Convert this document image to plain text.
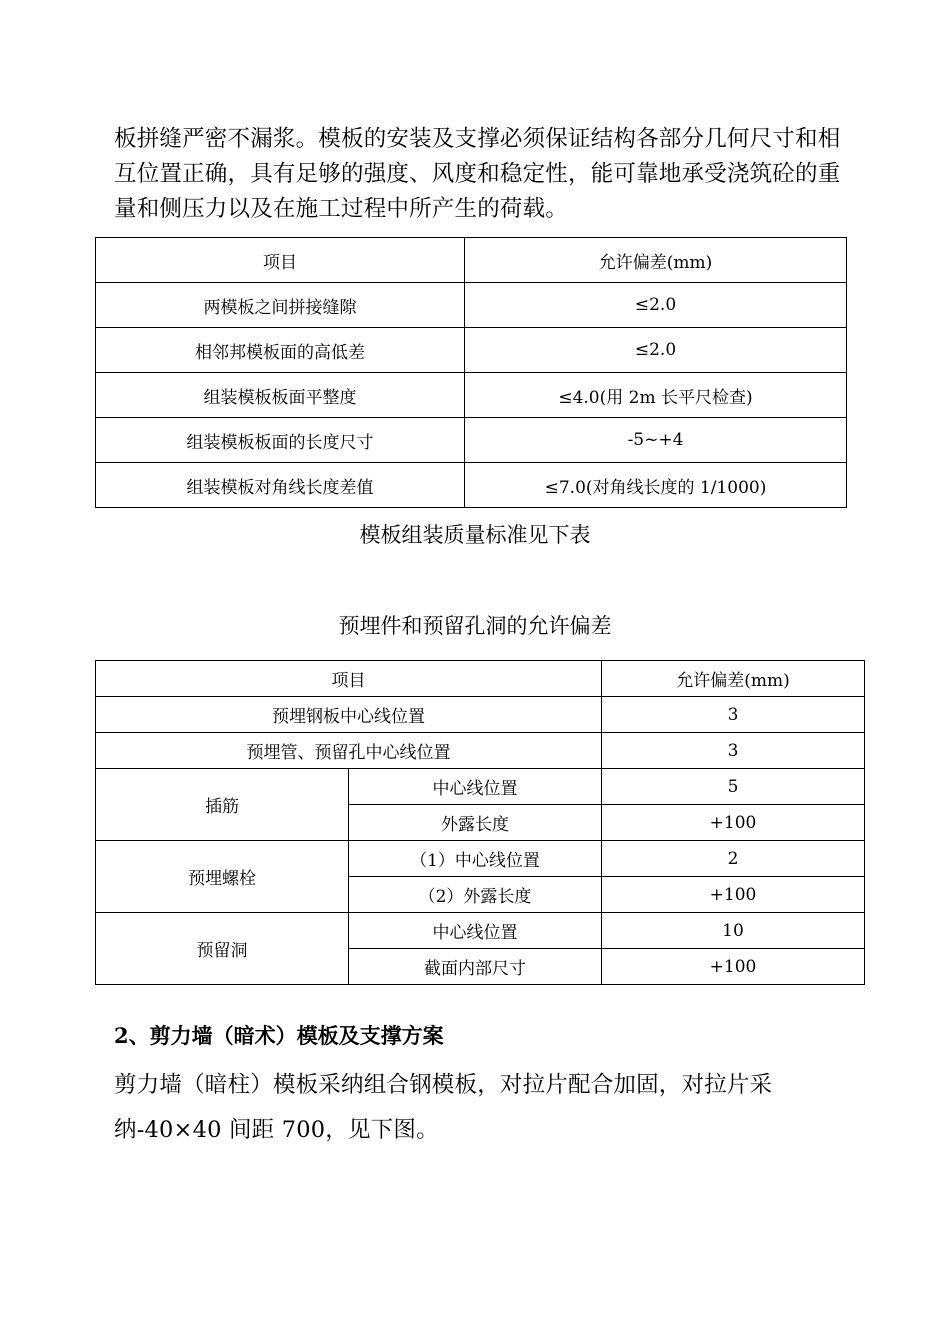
板拼缝严密不漏浆。模板的安装及支撑必须保证结构各部分几何尺寸和相互位置正确，具有足够的强度、风度和稳定性，能可靠地承受浇筑砼的重量和侧压力以及在施工过程中所产生的荷载。
项目	允许偏差(mm)
两模板之间拼接缝隙	≤2.0
相邻邦模板面的高低差	≤2.0
组装模板板面平整度	≤4.0(用 2m 长平尺检查)
组装模板板面的长度尺寸	-5~+4
组装模板对角线长度差值	≤7.0(对角线长度的 1/1000)
模板组装质量标准见下表
预埋件和预留孔洞的允许偏差
项目		允许偏差(mm)
预埋钢板中心线位置		3
预埋管、预留孔中心线位置		3
插筋	中心线位置	5
	外露长度	+100
预埋螺栓	（1）中心线位置	2
	（2）外露长度	+100
预留洞	中心线位置	10
	截面内部尺寸	+100
2、剪力墙（暗术）模板及支撑方案
剪力墙（暗柱）模板采纳组合钢模板，对拉片配合加固，对拉片采纳-40×40 间距 700，见下图。
